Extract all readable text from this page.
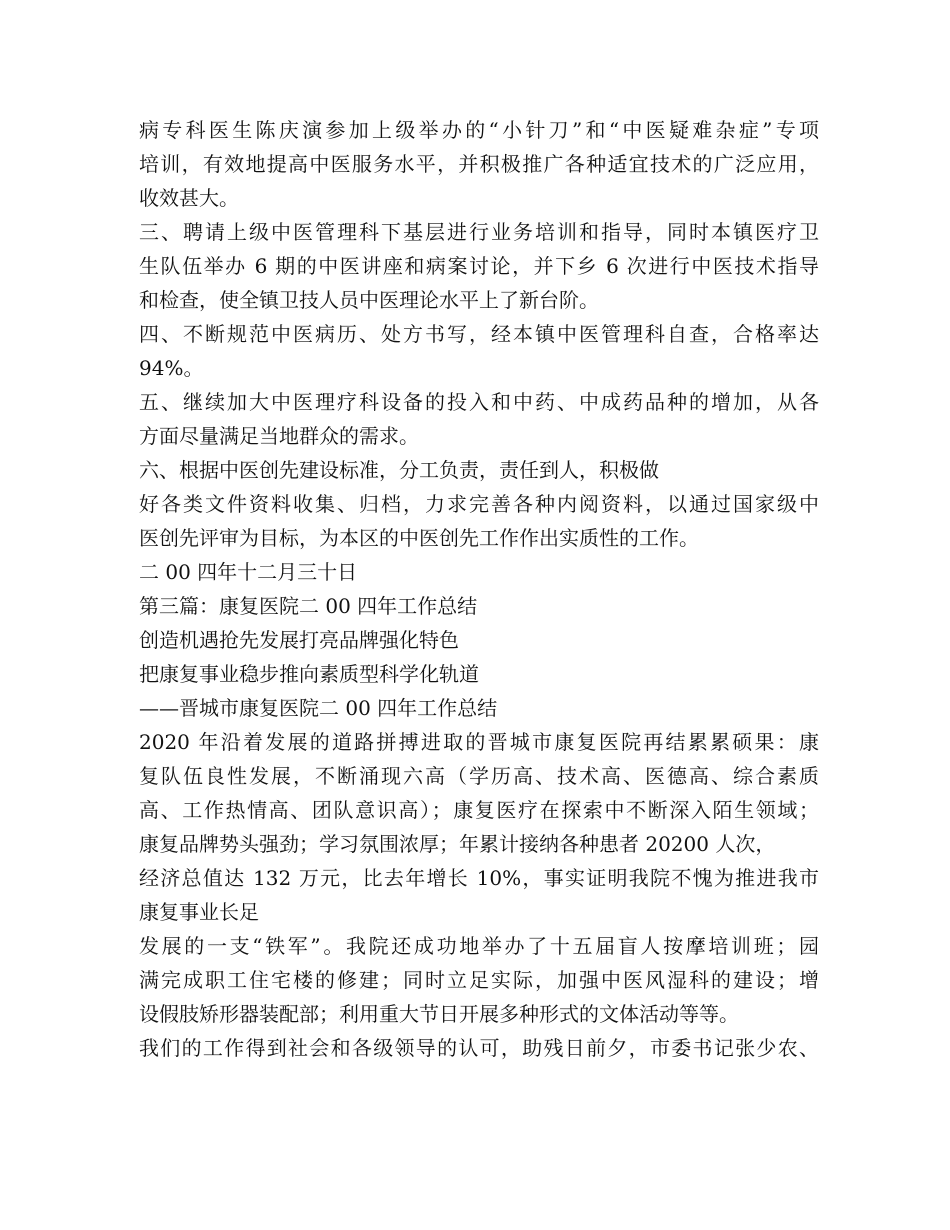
病专科医生陈庆演参加上级举办的“小针刀”和“中医疑难杂症”专项
培训，有效地提高中医服务水平，并积极推广各种适宜技术的广泛应用，
收效甚大。
三、聘请上级中医管理科下基层进行业务培训和指导，同时本镇医疗卫
生队伍举办 6 期的中医讲座和病案讨论，并下乡 6 次进行中医技术指导
和检查，使全镇卫技人员中医理论水平上了新台阶。
四、不断规范中医病历、处方书写，经本镇中医管理科自查，合格率达
94%。
五、继续加大中医理疗科设备的投入和中药、中成药品种的增加，从各
方面尽量满足当地群众的需求。
六、根据中医创先建设标准，分工负责，责任到人，积极做
好各类文件资料收集、归档，力求完善各种内阅资料，以通过国家级中
医创先评审为目标，为本区的中医创先工作作出实质性的工作。
二 00 四年十二月三十日
第三篇：康复医院二 00 四年工作总结
创造机遇抢先发展打亮品牌强化特色
把康复事业稳步推向素质型科学化轨道
——晋城市康复医院二 00 四年工作总结
2020 年沿着发展的道路拼搏进取的晋城市康复医院再结累累硕果：康
复队伍良性发展，不断涌现六高（学历高、技术高、医德高、综合素质
高、工作热情高、团队意识高）；康复医疗在探索中不断深入陌生领域；
康复品牌势头强劲；学习氛围浓厚；年累计接纳各种患者 20200 人次，
经济总值达 132 万元，比去年增长 10%，事实证明我院不愧为推进我市
康复事业长足
发展的一支“铁军”。我院还成功地举办了十五届盲人按摩培训班；园
满完成职工住宅楼的修建；同时立足实际，加强中医风湿科的建设；增
设假肢矫形器装配部；利用重大节日开展多种形式的文体活动等等。
我们的工作得到社会和各级领导的认可，助残日前夕，市委书记张少农、
